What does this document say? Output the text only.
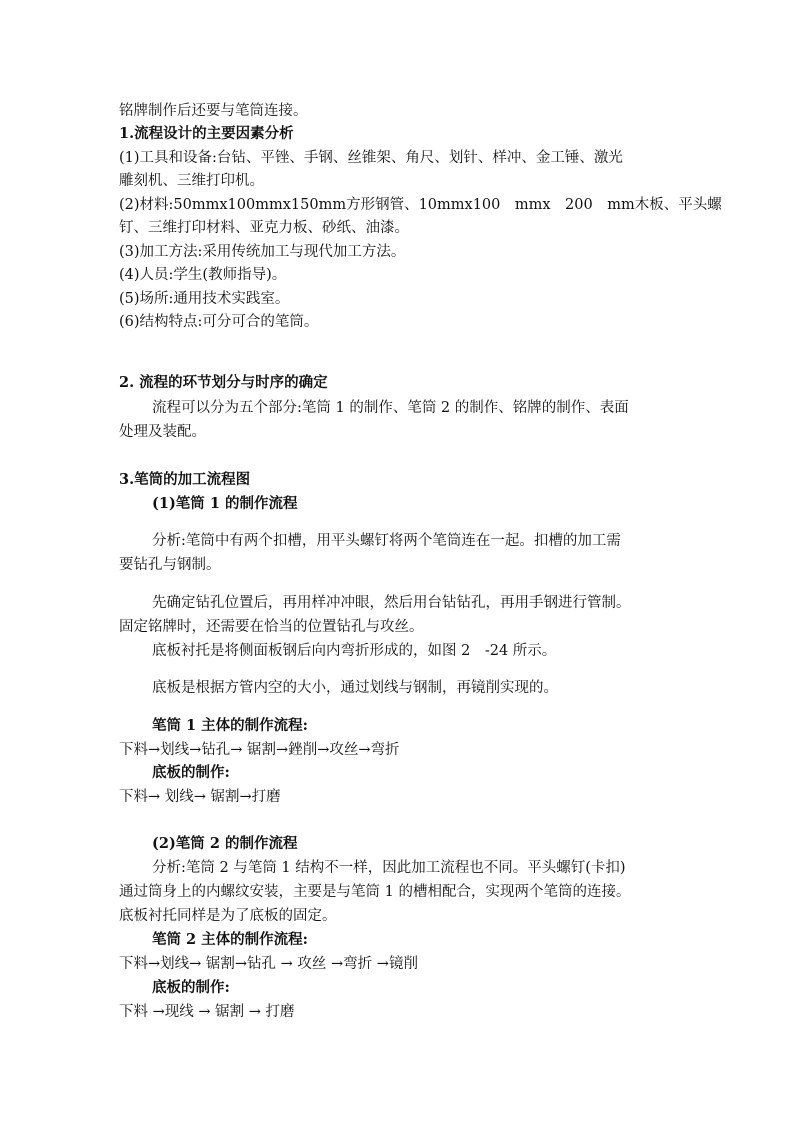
铭牌制作后还要与笔筒连接。
1.流程设计的主要因素分析
(1)工具和设备:台钻、平锉、手钢、丝锥架、角尺、划针、样冲、金工锤、激光
雕刻机、三维打印机。
(2)材料:50mmx100mmx150mm方形钢管、10mmx100　mmx　200　mm木板、平头螺
钉、三维打印材料、亚克力板、砂纸、油漆。
(3)加工方法:采用传统加工与现代加工方法。
(4)人员:学生(教师指导)。
(5)场所:通用技术实践室。
(6)结构特点:可分可合的笔筒。
2. 流程的环节划分与时序的确定
流程可以分为五个部分:笔筒 1 的制作、笔筒 2 的制作、铭牌的制作、表面
处理及装配。
3.笔筒的加工流程图
(1)笔筒 1 的制作流程
分析:笔筒中有两个扣槽，用平头螺钉将两个笔筒连在一起。扣槽的加工需
要钻孔与钢制。
先确定钻孔位置后，再用样冲冲眼，然后用台钻钻孔，再用手钢进行管制。
固定铭牌时，还需要在恰当的位置钻孔与攻丝。
底板衬托是将侧面板钢后向内弯折形成的，如图 2　-24 所示。
底板是根据方管内空的大小，通过划线与钢制，再镜削实现的。
笔筒 1 主体的制作流程:
下料→划线→钻孔→ 锯割→銼削→攻丝→弯折
底板的制作:
下料→ 划线→ 锯割→打磨
(2)笔筒 2 的制作流程
分析:笔筒 2 与笔筒 1 结构不一样，因此加工流程也不同。平头螺钉(卡扣)
通过筒身上的内螺纹安装，主要是与笔筒 1 的槽相配合，实现两个笔筒的连接。
底板衬托同样是为了底板的固定。
笔筒 2 主体的制作流程:
下料→划线→ 锯割→钻孔 → 攻丝 →弯折 →镜削
底板的制作:
下料 →现线 → 锯割 → 打磨
